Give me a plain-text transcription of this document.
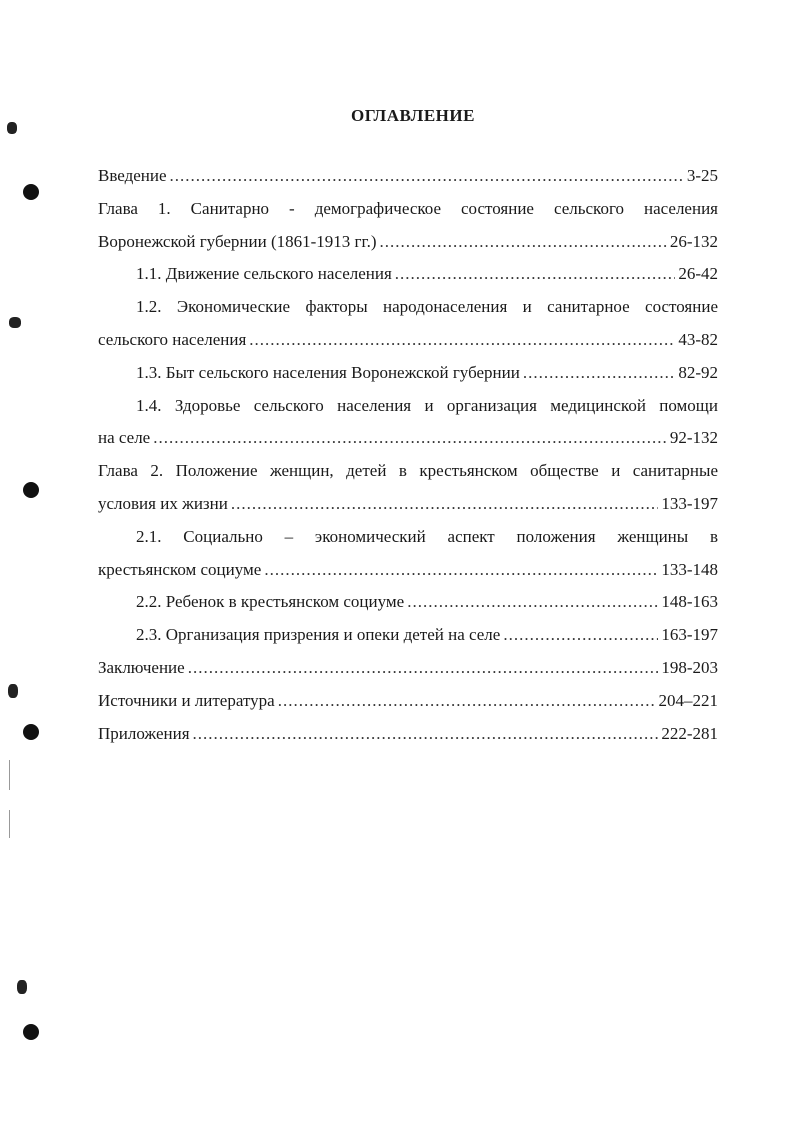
ОГЛАВЛЕНИЕ
Введение .....	3-25
Глава 1. Санитарно - демографическое состояние сельского населения
Воронежской губернии (1861-1913 гг.) .....	26-132
1.1. Движение сельского населения .....	26-42
1.2. Экономические факторы народонаселения и санитарное состояние
сельского населения .....	43-82
1.3. Быт сельского населения Воронежской губернии .....	82-92
1.4. Здоровье сельского населения и организация медицинской помощи
на селе .....	92-132
Глава 2. Положение женщин, детей в крестьянском обществе и санитарные
условия их жизни .....	133-197
2.1. Социально – экономический аспект положения женщины в
крестьянском социуме .....	133-148
2.2. Ребенок в крестьянском социуме .....	148-163
2.3. Организация призрения и опеки детей на селе .....	163-197
Заключение .....	198-203
Источники и литература .....	204–221
Приложения .....	222-281
